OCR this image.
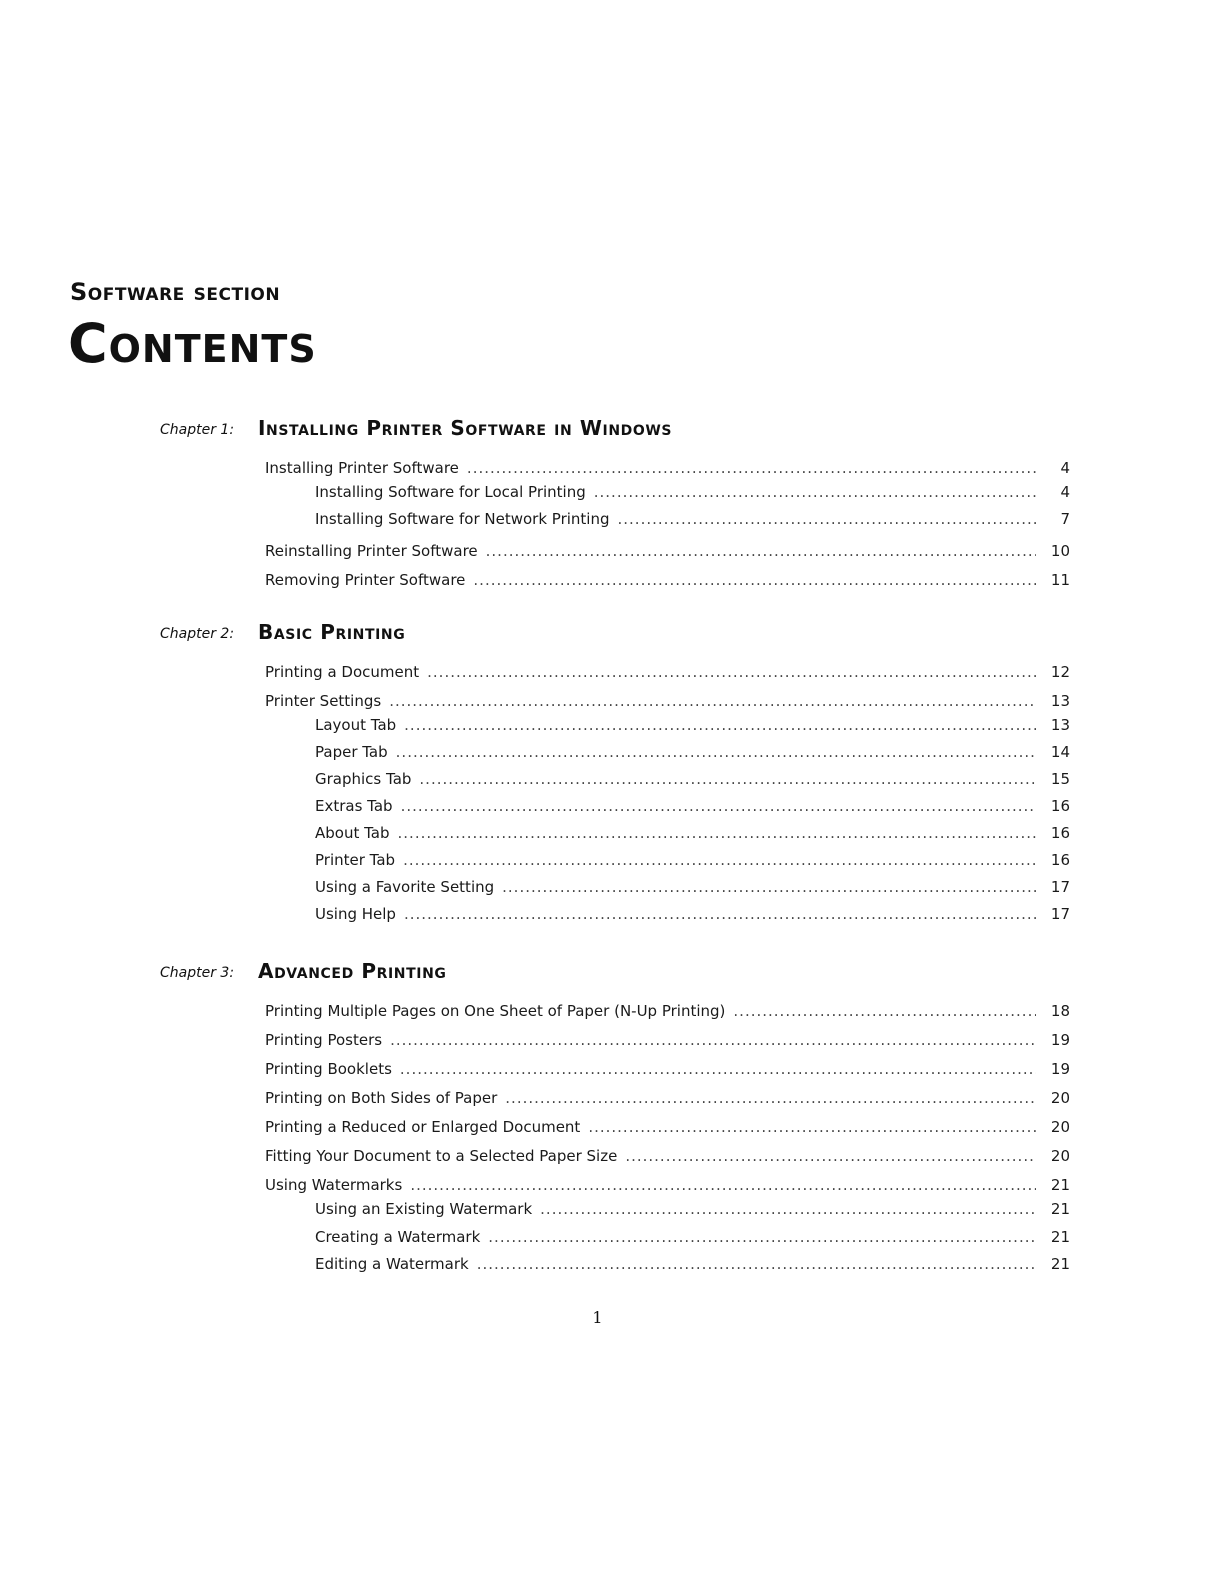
Software section
Contents
Chapter 1: Installing Printer Software in Windows
Installing Printer Software .....	4
Installing Software for Local Printing .....	4
Installing Software for Network Printing .....	7
Reinstalling Printer Software .....	10
Removing Printer Software .....	11
Chapter 2: Basic Printing
Printing a Document .....	12
Printer Settings .....	13
Layout Tab .....	13
Paper Tab .....	14
Graphics Tab .....	15
Extras Tab .....	16
About Tab .....	16
Printer Tab .....	16
Using a Favorite Setting .....	17
Using Help .....	17
Chapter 3: Advanced Printing
Printing Multiple Pages on One Sheet of Paper (N-Up Printing) .....	18
Printing Posters .....	19
Printing Booklets .....	19
Printing on Both Sides of Paper .....	20
Printing a Reduced or Enlarged Document .....	20
Fitting Your Document to a Selected Paper Size .....	20
Using Watermarks .....	21
Using an Existing Watermark .....	21
Creating a Watermark .....	21
Editing a Watermark .....	21
1
